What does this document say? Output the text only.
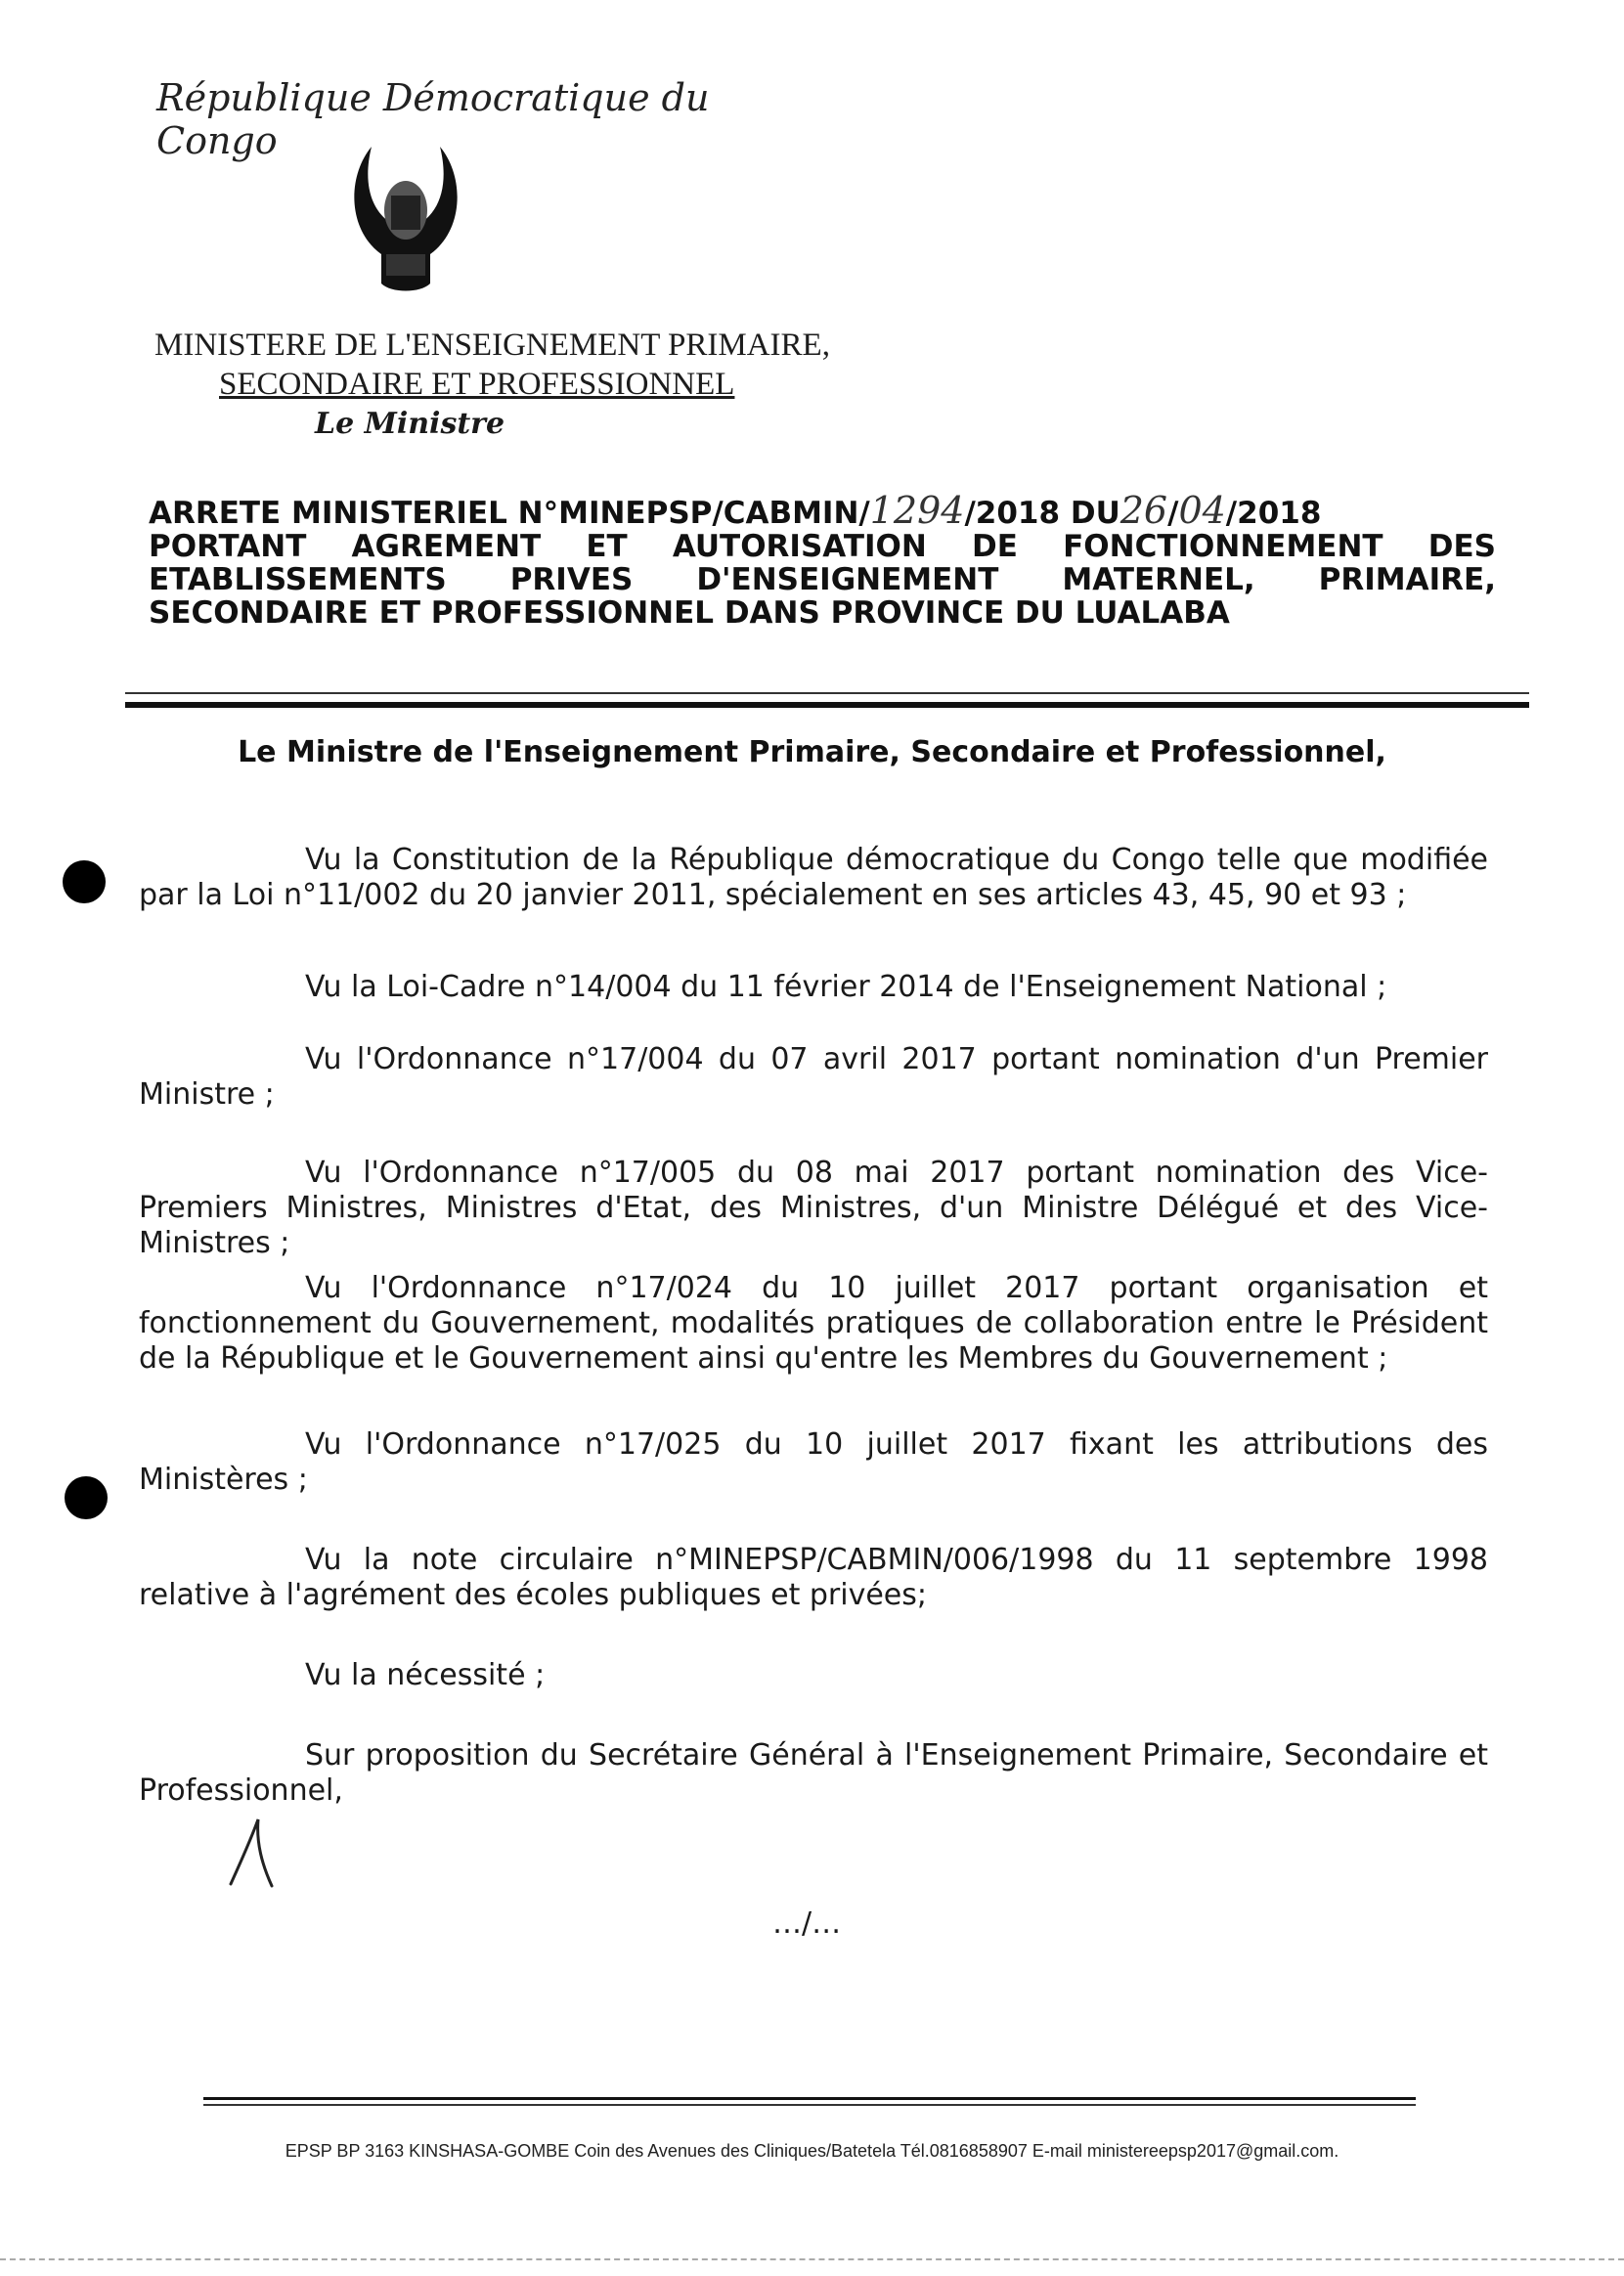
République Démocratique du Congo
MINISTERE DE L'ENSEIGNEMENT PRIMAIRE,
SECONDAIRE ET PROFESSIONNEL
Le Ministre
ARRETE MINISTERIEL N°MINEPSP/CABMIN/1294/2018 DU26/04/2018
PORTANT AGREMENT ET AUTORISATION DE FONCTIONNEMENT DES ETABLISSEMENTS PRIVES D'ENSEIGNEMENT MATERNEL, PRIMAIRE, SECONDAIRE ET PROFESSIONNEL DANS PROVINCE DU LUALABA
Le Ministre de l'Enseignement Primaire, Secondaire et Professionnel,
Vu la Constitution de la République démocratique du Congo telle que modifiée par la Loi n°11/002 du 20 janvier 2011, spécialement en ses articles 43, 45, 90 et 93 ;
Vu la Loi-Cadre n°14/004 du 11 février 2014 de l'Enseignement National ;
Vu l'Ordonnance n°17/004 du 07 avril 2017 portant nomination d'un Premier Ministre ;
Vu l'Ordonnance n°17/005 du 08 mai 2017 portant nomination des Vice-Premiers Ministres, Ministres d'Etat, des Ministres, d'un Ministre Délégué et des Vice-Ministres ;
Vu l'Ordonnance n°17/024 du 10 juillet 2017 portant organisation et fonctionnement du Gouvernement, modalités pratiques de collaboration entre le Président de la République et le Gouvernement ainsi qu'entre les Membres du Gouvernement ;
Vu l'Ordonnance n°17/025 du 10 juillet 2017 fixant les attributions des Ministères ;
Vu la note circulaire n°MINEPSP/CABMIN/006/1998 du 11 septembre 1998 relative à l'agrément des écoles publiques et privées;
Vu la nécessité ;
Sur proposition du Secrétaire Général à l'Enseignement Primaire, Secondaire et Professionnel,
…/…
EPSP BP 3163 KINSHASA-GOMBE Coin des Avenues des Cliniques/Batetela Tél.0816858907 E-mail ministereepsp2017@gmail.com.
